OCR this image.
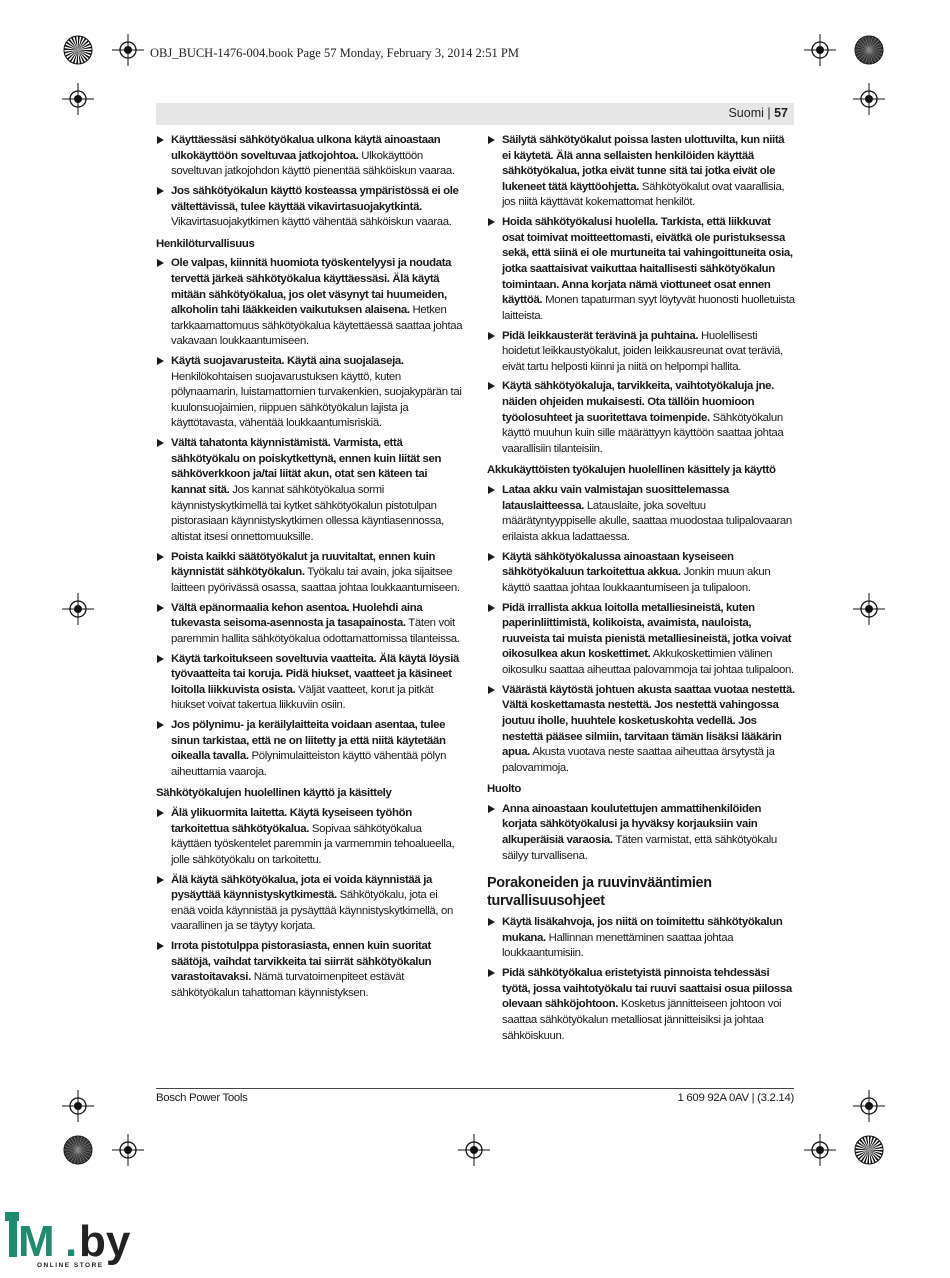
OBJ_BUCH-1476-004.book Page 57 Monday, February 3, 2014 2:51 PM
Suomi | 57
Käyttäessäsi sähkötyökalua ulkona käytä ainoastaan ulkokäyttöön soveltuvaa jatkojohtoa. Ulkokäyttöön soveltuvan jatkojohdon käyttö pienentää sähköiskun vaaraa.
Jos sähkötyökalun käyttö kosteassa ympäristössä ei ole vältettävissä, tulee käyttää vikavirtasuojakytkintä. Vikavirtasuojakytkimen käyttö vähentää sähköiskun vaaraa.
Henkilöturvallisuus
Ole valpas, kiinnitä huomiota työskentelyysi ja noudata tervettä järkeä sähkötyökalua käyttäessäsi. Älä käytä mitään sähkötyökalua, jos olet väsynyt tai huumeiden, alkoholin tahi lääkkeiden vaikutuksen alaisena. Hetken tarkkaamattomuus sähkötyökalua käytettäessä saattaa johtaa vakavaan loukkaantumiseen.
Käytä suojavarusteita. Käytä aina suojalaseja. Henkilökohtaisen suojavarustuksen käyttö, kuten pölynaamarin, luistamattomien turvakenkien, suojakypärän tai kuulonsuojaimien, riippuen sähkötyökalun lajista ja käyttötavasta, vähentää loukkaantumisriskiä.
Vältä tahatonta käynnistämistä. Varmista, että sähkötyökalu on poiskytkettynä, ennen kuin liität sen sähköverkkoon ja/tai liität akun, otat sen käteen tai kannat sitä. Jos kannat sähkötyökalua sormi käynnistyskytkimellä tai kytket sähkötyökalun pistotulpan pistorasiaan käynnistyskytkimen ollessa käyntiasennossa, altistat itsesi onnettomuuksille.
Poista kaikki säätötyökalut ja ruuvitaltat, ennen kuin käynnistät sähkötyökalun. Työkalu tai avain, joka sijaitsee laitteen pyörivässä osassa, saattaa johtaa loukkaantumiseen.
Vältä epänormaalia kehon asentoa. Huolehdi aina tukevasta seisoma-asennosta ja tasapainosta. Täten voit paremmin hallita sähkötyökalua odottamattomissa tilanteissa.
Käytä tarkoitukseen soveltuvia vaatteita. Älä käytä löysiä työvaatteita tai koruja. Pidä hiukset, vaatteet ja käsineet loitolla liikkuvista osista. Väljät vaatteet, korut ja pitkät hiukset voivat takertua liikkuviin osiin.
Jos pölynimu- ja keräilylaitteita voidaan asentaa, tulee sinun tarkistaa, että ne on liitetty ja että niitä käytetään oikealla tavalla. Pölynimulaitteiston käyttö vähentää pölyn aiheuttamia vaaroja.
Sähkötyökalujen huolellinen käyttö ja käsittely
Älä ylikuormita laitetta. Käytä kyseiseen työhön tarkoitettua sähkötyökalua. Sopivaa sähkötyökalua käyttäen työskentelet paremmin ja varmemmin tehoalueella, jolle sähkötyökalu on tarkoitettu.
Älä käytä sähkötyökalua, jota ei voida käynnistää ja pysäyttää käynnistyskytkimestä. Sähkötyökalu, jota ei enää voida käynnistää ja pysäyttää käynnistyskytkimellä, on vaarallinen ja se täytyy korjata.
Irrota pistotulppa pistorasiasta, ennen kuin suoritat säätöjä, vaihdat tarvikkeita tai siirrät sähkötyökalun varastoitavaksi. Nämä turvatoimenpiteet estävät sähkötyökalun tahattoman käynnistyksen.
Säilytä sähkötyökalut poissa lasten ulottuvilta, kun niitä ei käytetä. Älä anna sellaisten henkilöiden käyttää sähkötyökalua, jotka eivät tunne sitä tai jotka eivät ole lukeneet tätä käyttöohjetta. Sähkötyökalut ovat vaarallisia, jos niitä käyttävät kokemattomat henkilöt.
Hoida sähkötyökalusi huolella. Tarkista, että liikkuvat osat toimivat moitteettomasti, eivätkä ole puristuksessa sekä, että siinä ei ole murtuneita tai vahingoittuneita osia, jotka saattaisivat vaikuttaa haitallisesti sähkötyökalun toimintaan. Anna korjata nämä viottuneet osat ennen käyttöä. Monen tapaturman syyt löytyvät huonosti huolletuista laitteista.
Pidä leikkausterät terävinä ja puhtaina. Huolellisesti hoidetut leikkaustyökalut, joiden leikkausreunat ovat teräviä, eivät tartu helposti kiinni ja niitä on helpompi hallita.
Käytä sähkötyökaluja, tarvikkeita, vaihtotyökaluja jne. näiden ohjeiden mukaisesti. Ota tällöin huomioon työolosuhteet ja suoritettava toimenpide. Sähkötyökalun käyttö muuhun kuin sille määrättyyn käyttöön saattaa johtaa vaarallisiin tilanteisiin.
Akkukäyttöisten työkalujen huolellinen käsittely ja käyttö
Lataa akku vain valmistajan suosittelemassa latauslaitteessa. Latauslaite, joka soveltuu määrätyntyyppiselle akulle, saattaa muodostaa tulipalovaaran erilaista akkua ladattaessa.
Käytä sähkötyökalussa ainoastaan kyseiseen sähkötyökaluun tarkoitettua akkua. Jonkin muun akun käyttö saattaa johtaa loukkaantumiseen ja tulipaloon.
Pidä irrallista akkua loitolla metalliesineistä, kuten paperinliittimistä, kolikoista, avaimista, nauloista, ruuveista tai muista pienistä metalliesineistä, jotka voivat oikosulkea akun koskettimet. Akkukoskettimien välinen oikosulku saattaa aiheuttaa palovammoja tai johtaa tulipaloon.
Väärästä käytöstä johtuen akusta saattaa vuotaa nestettä. Vältä koskettamasta nestettä. Jos nestettä vahingossa joutuu iholle, huuhtele kosketuskohta vedellä. Jos nestettä pääsee silmiin, tarvitaan tämän lisäksi lääkärin apua. Akusta vuotava neste saattaa aiheuttaa ärsytystä ja palovammoja.
Huolto
Anna ainoastaan koulutettujen ammattihenkilöiden korjata sähkötyökalusi ja hyväksy korjauksiin vain alkuperäisiä varaosia. Täten varmistat, että sähkötyökalu säilyy turvallisena.
Porakoneiden ja ruuvinvääntimien turvallisuusohjeet
Käytä lisäkahvoja, jos niitä on toimitettu sähkötyökalun mukana. Hallinnan menettäminen saattaa johtaa loukkaantumisiin.
Pidä sähkötyökalua eristetyistä pinnoista tehdessäsi työtä, jossa vaihtotyökalu tai ruuvi saattaisi osua piilossa olevaan sähköjohtoon. Kosketus jännitteiseen johtoon voi saattaa sähkötyökalun metalliosat jännitteisiksi ja johtaa sähköiskuun.
Bosch Power Tools	1 609 92A 0AV | (3.2.14)
M . by
ONLINE STORE
